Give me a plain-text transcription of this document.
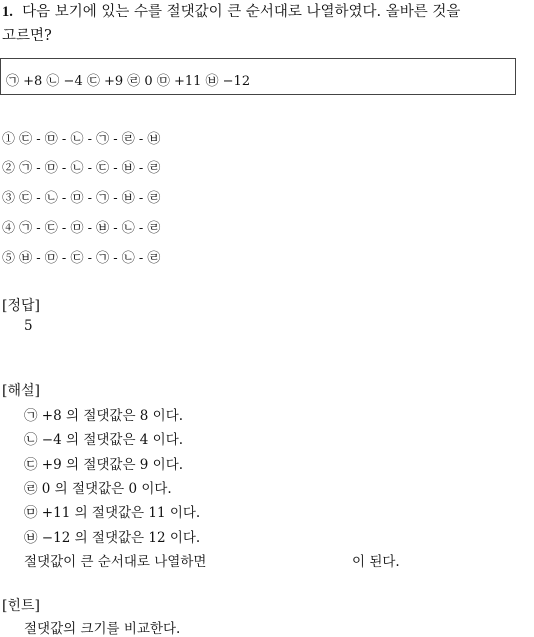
1. 다음 보기에 있는 수를 절댓값이 큰 순서대로 나열하였다. 올바른 것을
고르면?
㉠ +8 ㉡ −4 ㉢ +9 ㉣ 0 ㉤ +11 ㉥ −12
① ㉢ - ㉤ - ㉡ - ㉠ - ㉣ - ㉥
② ㉠ - ㉤ - ㉡ - ㉢ - ㉥ - ㉣
③ ㉢ - ㉡ - ㉤ - ㉠ - ㉥ - ㉣
④ ㉠ - ㉢ - ㉤ - ㉥ - ㉡ - ㉣
⑤ ㉥ - ㉤ - ㉢ - ㉠ - ㉡ - ㉣
[정답]
5
[해설]
㉠ +8 의 절댓값은 8 이다.
㉡ −4 의 절댓값은 4 이다.
㉢ +9 의 절댓값은 9 이다.
㉣ 0 의 절댓값은 0 이다.
㉤ +11 의 절댓값은 11 이다.
㉥ −12 의 절댓값은 12 이다.
절댓값이 큰 순서대로 나열하면	이 된다.
[힌트]
절댓값의 크기를 비교한다.
